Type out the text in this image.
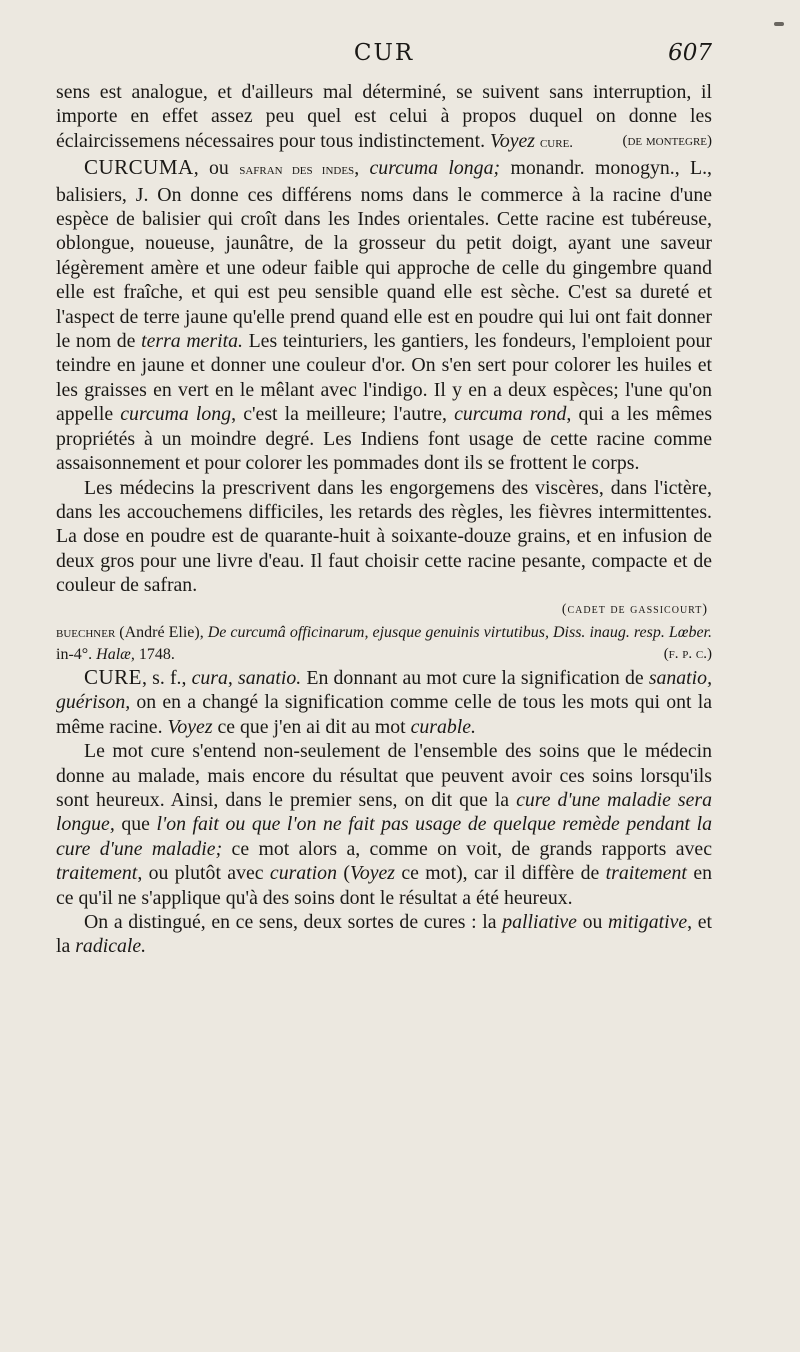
CUR	607

sens est analogue, et d'ailleurs mal déterminé, se suivent sans interruption, il importe en effet assez peu quel est celui à propos duquel on donne les éclaircissemens nécessaires pour tous indistinctement. Voyez cure.	(de montegre)

CURCUMA, ou safran des indes, curcuma longa; monandr. monogyn., L., balisiers, J. On donne ces différens noms dans le commerce à la racine d'une espèce de balisier qui croît dans les Indes orientales. Cette racine est tubéreuse, oblongue, noueuse, jaunâtre, de la grosseur du petit doigt, ayant une saveur légèrement amère et une odeur faible qui approche de celle du gingembre quand elle est fraîche, et qui est peu sensible quand elle est sèche. C'est sa dureté et l'aspect de terre jaune qu'elle prend quand elle est en poudre qui lui ont fait donner le nom de terra merita. Les teinturiers, les gantiers, les fondeurs, l'emploient pour teindre en jaune et donner une couleur d'or. On s'en sert pour colorer les huiles et les graisses en vert en le mêlant avec l'indigo. Il y en a deux espèces; l'une qu'on appelle curcuma long, c'est la meilleure; l'autre, curcuma rond, qui a les mêmes propriétés à un moindre degré. Les Indiens font usage de cette racine comme assaisonnement et pour colorer les pommades dont ils se frottent le corps.

Les médecins la prescrivent dans les engorgemens des viscères, dans l'ictère, dans les accouchemens difficiles, les retards des règles, les fièvres intermittentes. La dose en poudre est de quarante-huit à soixante-douze grains, et en infusion de deux gros pour une livre d'eau. Il faut choisir cette racine pesante, compacte et de couleur de safran.

(cadet de gassicourt)

buechner (André Elie), De curcumâ officinarum, ejusque genuinis virtutibus, Diss. inaug. resp. Lœber. in-4°. Halæ, 1748.	(f. p. c.)

CURE, s. f., cura, sanatio. En donnant au mot cure la signification de sanatio, guérison, on en a changé la signification comme celle de tous les mots qui ont la même racine. Voyez ce que j'en ai dit au mot curable.

Le mot cure s'entend non-seulement de l'ensemble des soins que le médecin donne au malade, mais encore du résultat que peuvent avoir ces soins lorsqu'ils sont heureux. Ainsi, dans le premier sens, on dit que la cure d'une maladie sera longue, que l'on fait ou que l'on ne fait pas usage de quelque remède pendant la cure d'une maladie; ce mot alors a, comme on voit, de grands rapports avec traitement, ou plutôt avec curation (Voyez ce mot), car il diffère de traitement en ce qu'il ne s'applique qu'à des soins dont le résultat a été heureux.

On a distingué, en ce sens, deux sortes de cures : la palliative ou mitigative, et la radicale.
